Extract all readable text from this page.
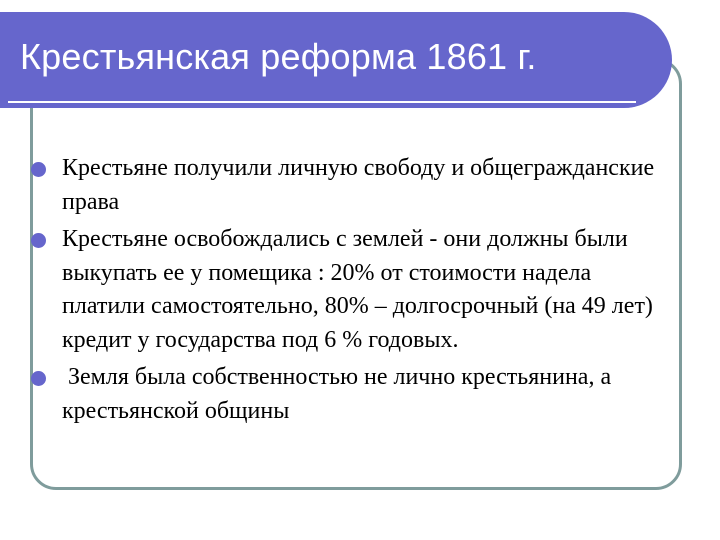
Крестьянская реформа 1861 г.
Крестьяне получили личную свободу и общегражданские права
Крестьяне освобождались с землей - они должны были выкупать ее у помещика : 20% от стоимости надела платили самостоятельно, 80% – долгосрочный (на 49 лет) кредит у государства под 6 % годовых.
Земля была собственностью не лично крестьянина, а крестьянской общины
